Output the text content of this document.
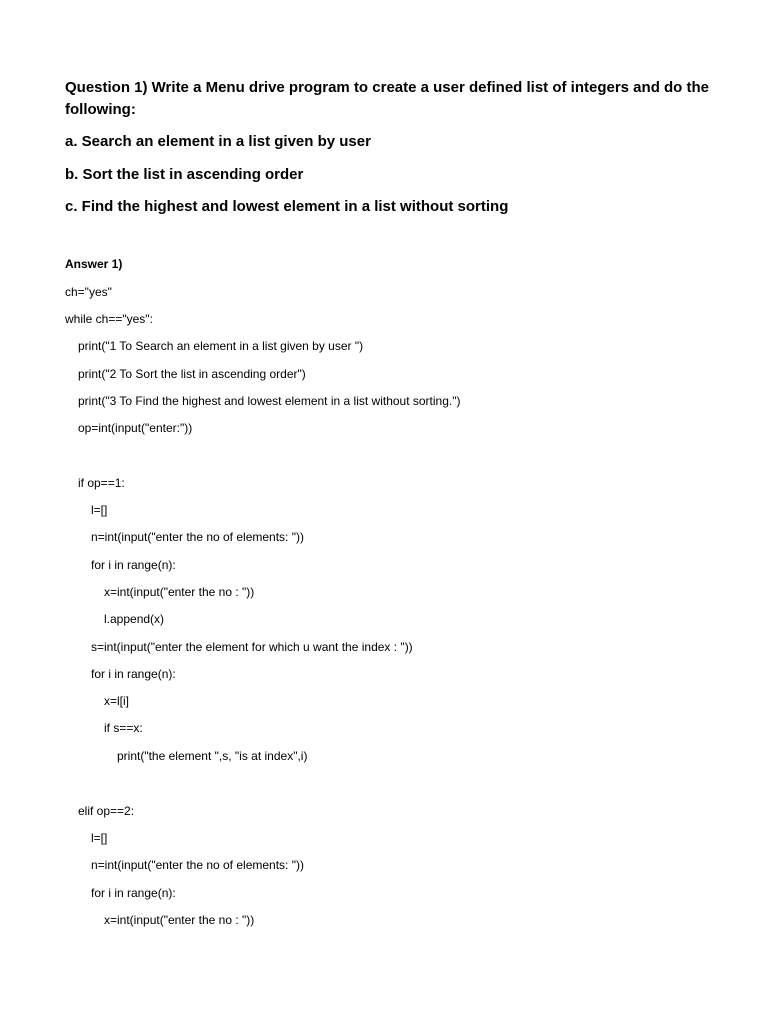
Question 1) Write a Menu drive program to create a user defined list of integers and do the following:
a. Search an element in a list given by user
b. Sort the list in ascending order
c. Find the highest and lowest element in a list without sorting
Answer 1)
ch="yes"
while ch=="yes":
print("1 To Search an element in a list given by user ")
print("2 To Sort the list in ascending order")
print("3 To Find the highest and lowest element in a list without sorting.")
op=int(input("enter:"))
if op==1:
l=[]
n=int(input("enter the no of elements: "))
for i in range(n):
x=int(input("enter the no : "))
l.append(x)
s=int(input("enter the element for which u want the index : "))
for i in range(n):
x=l[i]
if s==x:
print("the element ",s, "is at index",i)
elif op==2:
l=[]
n=int(input("enter the no of elements: "))
for i in range(n):
x=int(input("enter the no : "))
